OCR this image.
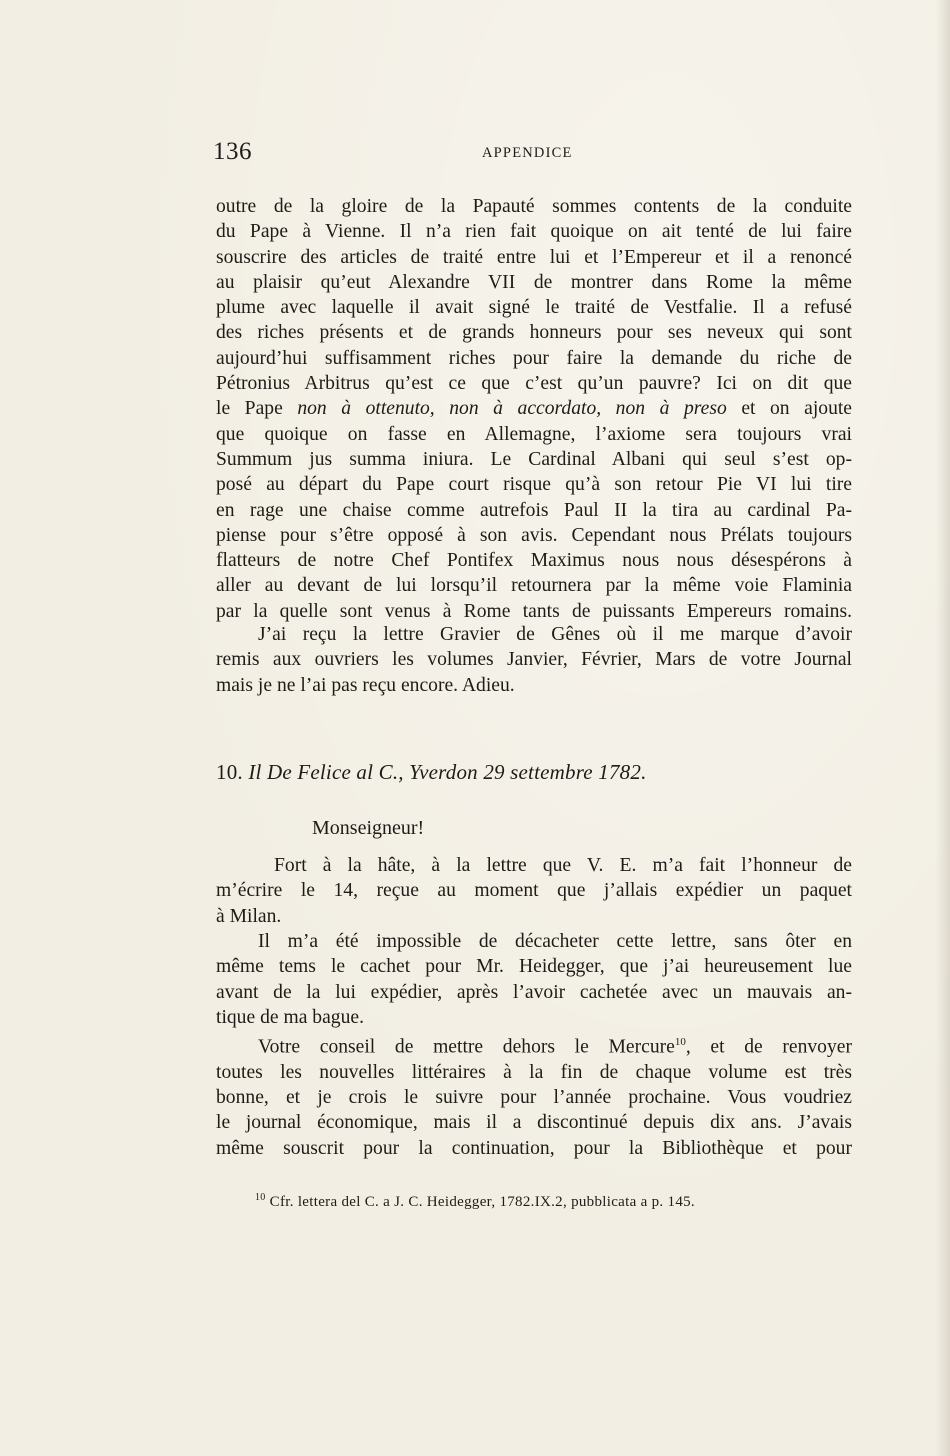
136	APPENDICE
outre de la gloire de la Papauté sommes contents de la conduite
du Pape à Vienne. Il n’a rien fait quoique on ait tenté de lui faire
souscrire des articles de traité entre lui et l’Empereur et il a renoncé
au plaisir qu’eut Alexandre VII de montrer dans Rome la même
plume avec laquelle il avait signé le traité de Vestfalie. Il a refusé
des riches présents et de grands honneurs pour ses neveux qui sont
aujourd’hui suffisamment riches pour faire la demande du riche de
Pétronius Arbitrus qu’est ce que c’est qu’un pauvre? Ici on dit que
le Pape non à ottenuto, non à accordato, non à preso et on ajoute
que quoique on fasse en Allemagne, l’axiome sera toujours vrai
Summum jus summa iniura. Le Cardinal Albani qui seul s’est op-
posé au départ du Pape court risque qu’à son retour Pie VI lui tire
en rage une chaise comme autrefois Paul II la tira au cardinal Pa-
piense pour s’être opposé à son avis. Cependant nous Prélats toujours
flatteurs de notre Chef Pontifex Maximus nous nous désespérons à
aller au devant de lui lorsqu’il retournera par la même voie Flaminia
par la quelle sont venus à Rome tants de puissants Empereurs romains.
J’ai reçu la lettre Gravier de Gênes où il me marque d’avoir
remis aux ouvriers les volumes Janvier, Février, Mars de votre Journal
mais je ne l’ai pas reçu encore. Adieu.
10. Il De Felice al C., Yverdon 29 settembre 1782.
Monseigneur!
Fort à la hâte, à la lettre que V. E. m’a fait l’honneur de
m’écrire le 14, reçue au moment que j’allais expédier un paquet
à Milan.
Il m’a été impossible de décacheter cette lettre, sans ôter en
même tems le cachet pour Mr. Heidegger, que j’ai heureusement lue
avant de la lui expédier, après l’avoir cachetée avec un mauvais an-
tique de ma bague.
Votre conseil de mettre dehors le Mercure$^{10}$, et de renvoyer
toutes les nouvelles littéraires à la fin de chaque volume est très
bonne, et je crois le suivre pour l’année prochaine. Vous voudriez
le journal économique, mais il a discontinué depuis dix ans. J’avais
même souscrit pour la continuation, pour la Bibliothèque et pour
$^{10}$ Cfr. lettera del C. a J. C. Heidegger, 1782.IX.2, pubblicata a p. 145.
